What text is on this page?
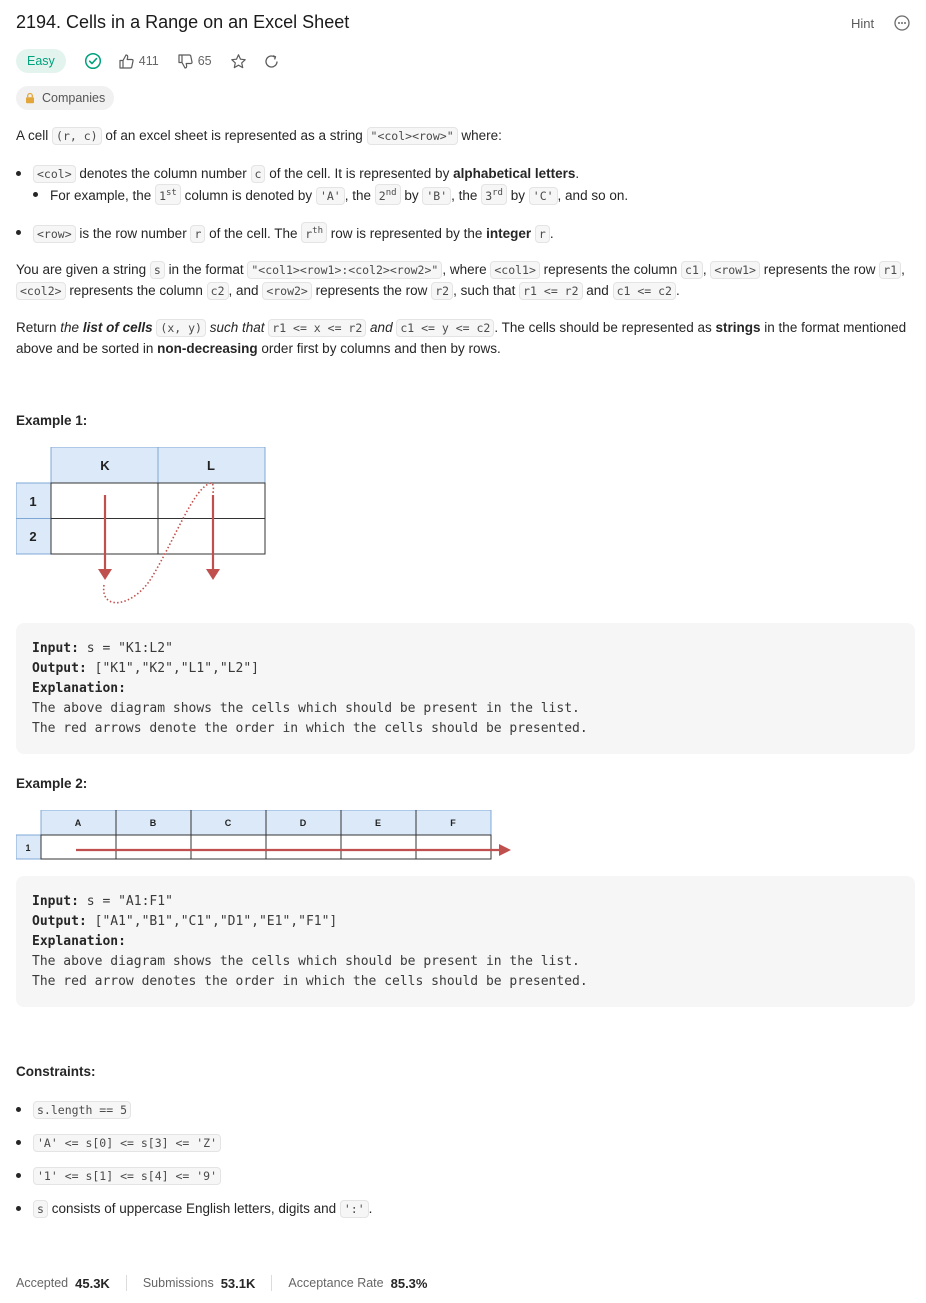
2194. Cells in a Range on an Excel Sheet	Hint
Easy	411	65
Companies

A cell (r, c) of an excel sheet is represented as a string "<col><row>" where:

<col> denotes the column number c of the cell. It is represented by alphabetical letters.
For example, the 1st column is denoted by 'A' , the 2nd by 'B' , the 3rd by 'C' , and so on.
<row> is the row number r of the cell. The $r^{th}$ row is represented by the integer r .

You are given a string s in the format "<col1><row1>:<col2><row2>" , where <col1> represents the column c1 , <row1> represents the row r1 , <col2> represents the column c2 , and <row2> represents the row r2 , such that r1 <= r2 and c1 <= c2 .

Return the list of cells (x, y) such that r1 <= x <= r2 and c1 <= y <= c2 . The cells should be represented as strings in the format mentioned above and be sorted in non-decreasing order first by columns and then by rows.

Example 1:
K	L
1
2
Input: s = "K1:L2"
Output: ["K1","K2","L1","L2"]
Explanation:
The above diagram shows the cells which should be present in the list.
The red arrows denote the order in which the cells should be presented.
Example 2:
A	B	C	D	E	F
1
Input: s = "A1:F1"
Output: ["A1","B1","C1","D1","E1","F1"]
Explanation:
The above diagram shows the cells which should be present in the list.
The red arrow denotes the order in which the cells should be presented.
Constraints:
s.length == 5
'A' <= s[0] <= s[3] <= 'Z'
'1' <= s[1] <= s[4] <= '9'
s consists of uppercase English letters, digits and ':' .
Accepted 45.3K	Submissions 53.1K	Acceptance Rate 85.3%
